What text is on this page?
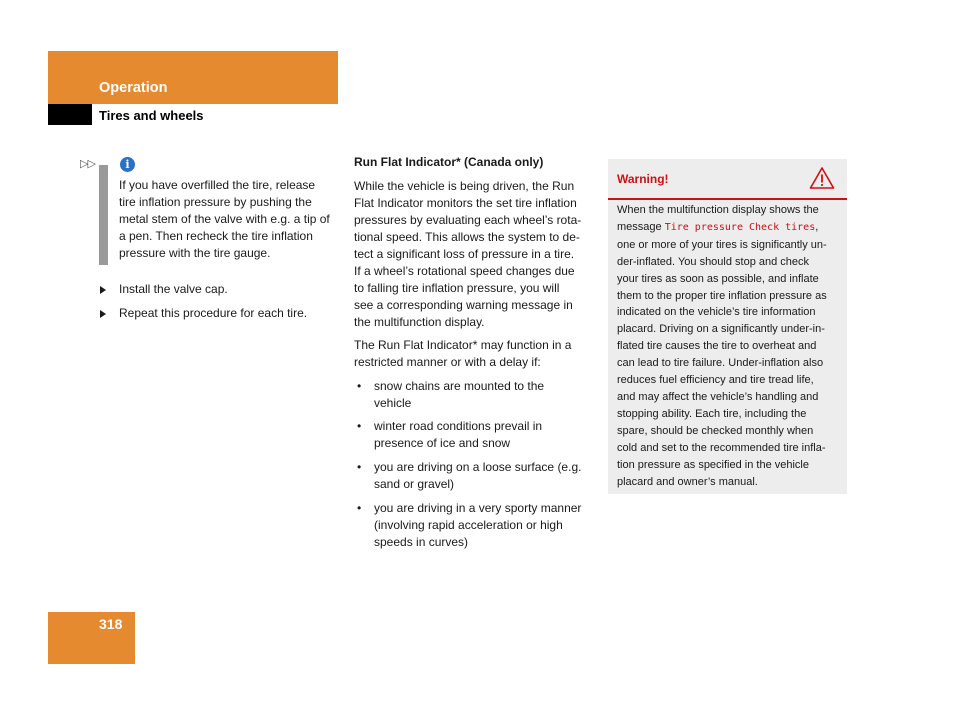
Operation
Tires and wheels
▷▷	i
If you have overfilled the tire, release
tire inflation pressure by pushing the
metal stem of the valve with e.g. a tip of
a pen. Then recheck the tire inflation
pressure with the tire gauge.
Install the valve cap.
Repeat this procedure for each tire.
Run Flat Indicator* (Canada only)
While the vehicle is being driven, the Run
Flat Indicator monitors the set tire inflation
pressures by evaluating each wheel’s rota-
tional speed. This allows the system to de-
tect a significant loss of pressure in a tire.
If a wheel’s rotational speed changes due
to falling tire inflation pressure, you will
see a corresponding warning message in
the multifunction display.
The Run Flat Indicator* may function in a
restricted manner or with a delay if:
• snow chains are mounted to the
vehicle
• winter road conditions prevail in
presence of ice and snow
• you are driving on a loose surface (e.g.
sand or gravel)
• you are driving in a very sporty manner
(involving rapid acceleration or high
speeds in curves)
Warning!
When the multifunction display shows the
message Tire pressure Check tires,
one or more of your tires is significantly un-
der-inflated. You should stop and check
your tires as soon as possible, and inflate
them to the proper tire inflation pressure as
indicated on the vehicle’s tire information
placard. Driving on a significantly under-in-
flated tire causes the tire to overheat and
can lead to tire failure. Under-inflation also
reduces fuel efficiency and tire tread life,
and may affect the vehicle’s handling and
stopping ability. Each tire, including the
spare, should be checked monthly when
cold and set to the recommended tire infla-
tion pressure as specified in the vehicle
placard and owner’s manual.
318
